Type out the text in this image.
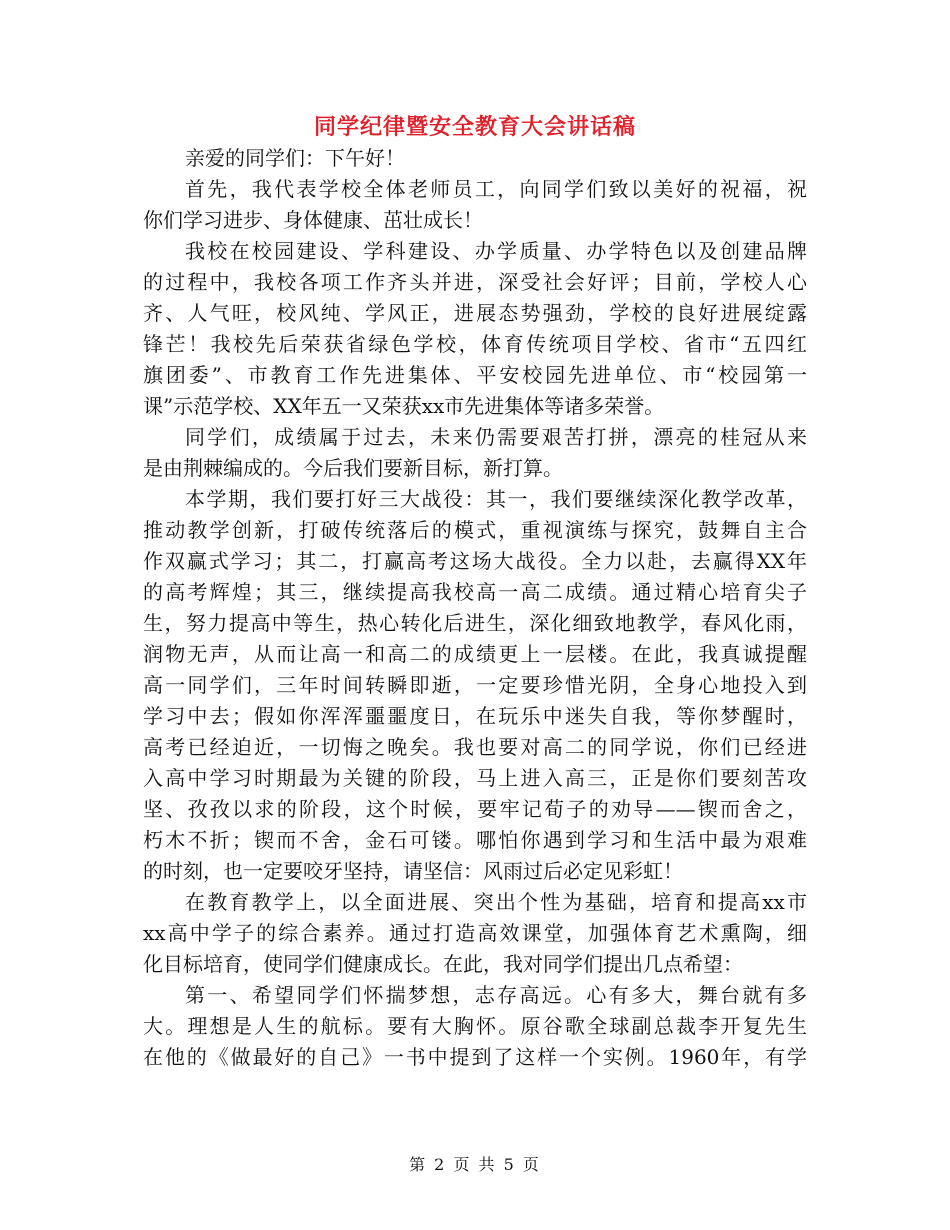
同学纪律暨安全教育大会讲话稿
亲爱的同学们：下午好！
首先，我代表学校全体老师员工，向同学们致以美好的祝福，祝
你们学习进步、身体健康、茁壮成长！
我校在校园建设、学科建设、办学质量、办学特色以及创建品牌
的过程中，我校各项工作齐头并进，深受社会好评；目前，学校人心
齐、人气旺，校风纯、学风正，进展态势强劲，学校的良好进展绽露
锋芒！我校先后荣获省绿色学校，体育传统项目学校、省市“五四红
旗团委”、市教育工作先进集体、平安校园先进单位、市“校园第一
课”示范学校、XX年五一又荣获xx市先进集体等诸多荣誉。
同学们，成绩属于过去，未来仍需要艰苦打拼，漂亮的桂冠从来
是由荆棘编成的。今后我们要新目标，新打算。
本学期，我们要打好三大战役：其一，我们要继续深化教学改革，
推动教学创新，打破传统落后的模式，重视演练与探究，鼓舞自主合
作双赢式学习；其二，打赢高考这场大战役。全力以赴，去赢得XX年
的高考辉煌；其三，继续提高我校高一高二成绩。通过精心培育尖子
生，努力提高中等生，热心转化后进生，深化细致地教学，春风化雨，
润物无声，从而让高一和高二的成绩更上一层楼。在此，我真诚提醒
高一同学们，三年时间转瞬即逝，一定要珍惜光阴，全身心地投入到
学习中去；假如你浑浑噩噩度日，在玩乐中迷失自我，等你梦醒时，
高考已经迫近，一切悔之晚矣。我也要对高二的同学说，你们已经进
入高中学习时期最为关键的阶段，马上进入高三，正是你们要刻苦攻
坚、孜孜以求的阶段，这个时候，要牢记荀子的劝导——锲而舍之，
朽木不折；锲而不舍，金石可镂。哪怕你遇到学习和生活中最为艰难
的时刻，也一定要咬牙坚持，请坚信：风雨过后必定见彩虹！
在教育教学上，以全面进展、突出个性为基础，培育和提高xx市
xx高中学子的综合素养。通过打造高效课堂，加强体育艺术熏陶，细
化目标培育，使同学们健康成长。在此，我对同学们提出几点希望：
第一、希望同学们怀揣梦想，志存高远。心有多大，舞台就有多
大。理想是人生的航标。要有大胸怀。原谷歌全球副总裁李开复先生
在他的《做最好的自己》一书中提到了这样一个实例。1960年，有学
第 2 页 共 5 页
